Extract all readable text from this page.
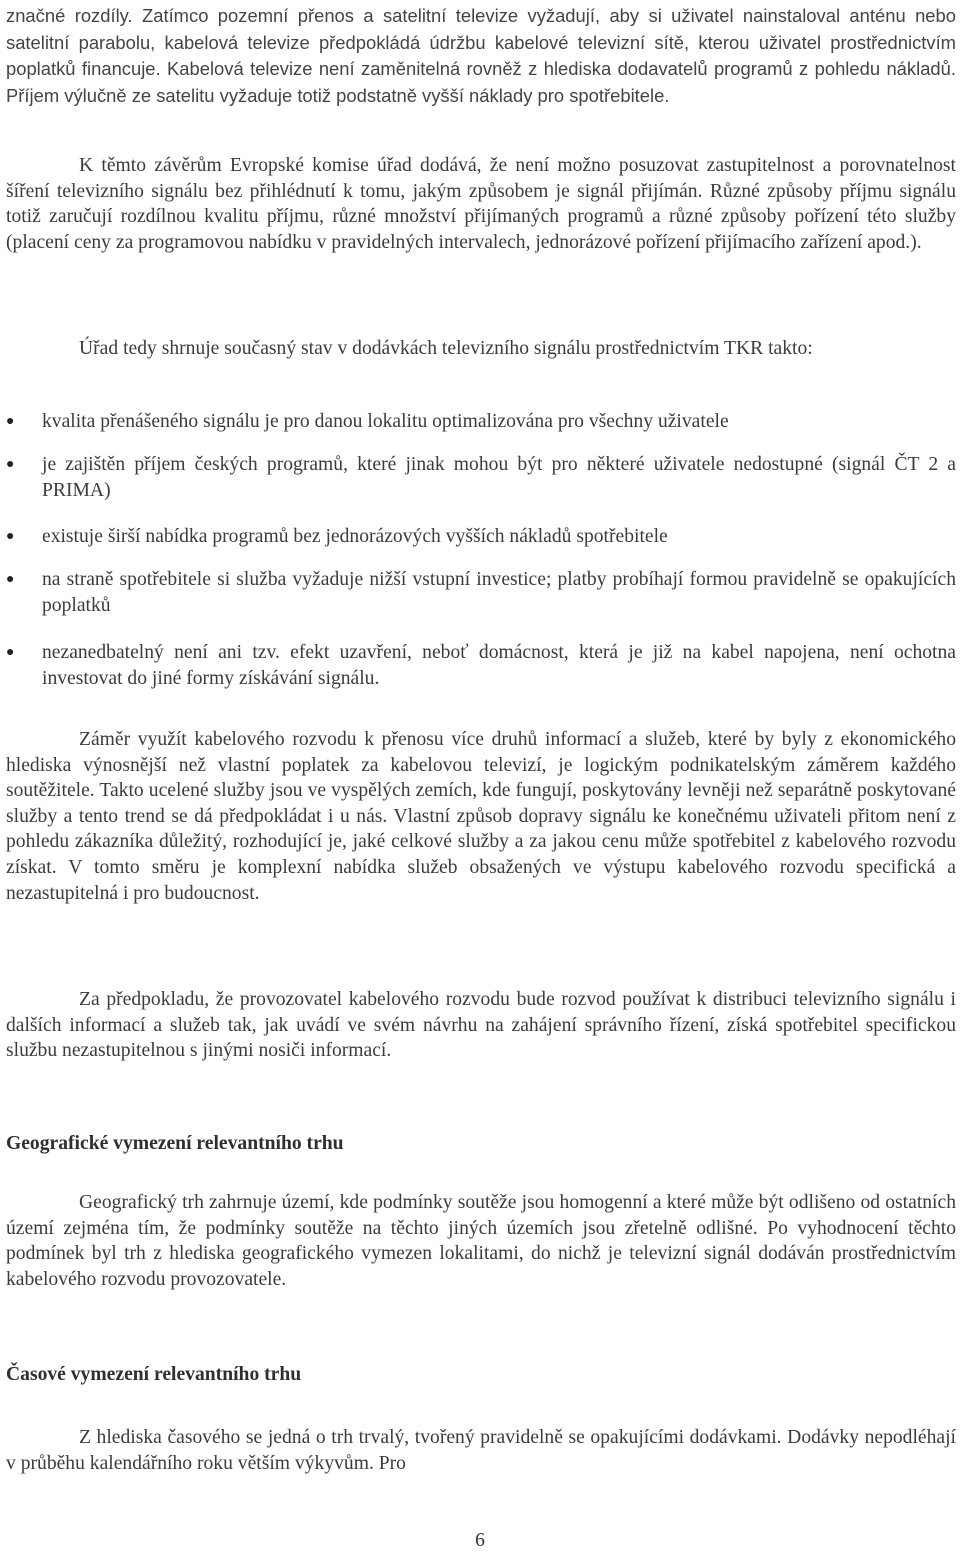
značné rozdíly. Zatímco pozemní přenos a satelitní televize vyžadují, aby si uživatel nainstaloval anténu nebo satelitní parabolu, kabelová televize předpokládá údržbu kabelové televizní sítě, kterou uživatel prostřednictvím poplatků financuje. Kabelová televize není zaměnitelná rovněž z hlediska dodavatelů programů z pohledu nákladů. Příjem výlučně ze satelitu vyžaduje totiž podstatně vyšší náklady pro spotřebitele.

K těmto závěrům Evropské komise úřad dodává, že není možno posuzovat zastupitelnost a porovnatelnost šíření televizního signálu bez přihlédnutí k tomu, jakým způsobem je signál přijímán. Různé způsoby příjmu signálu totiž zaručují rozdílnou kvalitu příjmu, různé množství přijímaných programů a různé způsoby pořízení této služby (placení ceny za programovou nabídku v pravidelných intervalech, jednorázové pořízení přijímacího zařízení apod.).

Úřad tedy shrnuje současný stav v dodávkách televizního signálu prostřednictvím TKR takto:

●	kvalita přenášeného signálu je pro danou lokalitu optimalizována pro všechny uživatele
●	je zajištěn příjem českých programů, které jinak mohou být pro některé uživatele nedostupné (signál ČT 2 a PRIMA)
●	existuje širší nabídka programů bez jednorázových vyšších nákladů spotřebitele
●	na straně spotřebitele si služba vyžaduje nižší vstupní investice; platby probíhají formou pravidelně se opakujících poplatků
●	nezanedbatelný není ani tzv. efekt uzavření, neboť domácnost, která je již na kabel napojena, není ochotna investovat do jiné formy získávání signálu.

Záměr využít kabelového rozvodu k přenosu více druhů informací a služeb, které by byly z ekonomického hlediska výnosnější než vlastní poplatek za kabelovou televizí, je logickým podnikatelským záměrem každého soutěžitele. Takto ucelené služby jsou ve vyspělých zemích, kde fungují, poskytovány levněji než separátně poskytované služby a tento trend se dá předpokládat i u nás. Vlastní způsob dopravy signálu ke konečnému uživateli přitom není z pohledu zákazníka důležitý, rozhodující je, jaké celkové služby a za jakou cenu může spotřebitel z kabelového rozvodu získat. V tomto směru je komplexní nabídka služeb obsažených ve výstupu kabelového rozvodu specifická a nezastupitelná i pro budoucnost.

Za předpokladu, že provozovatel kabelového rozvodu bude rozvod používat k distribuci televizního signálu i dalších informací a služeb tak, jak uvádí ve svém návrhu na zahájení správního řízení, získá spotřebitel specifickou službu nezastupitelnou s jinými nosiči informací.

Geografické vymezení relevantního trhu

Geografický trh zahrnuje území, kde podmínky soutěže jsou homogenní a které může být odlišeno od ostatních území zejména tím, že podmínky soutěže na těchto jiných územích jsou zřetelně odlišné. Po vyhodnocení těchto podmínek byl trh z hlediska geografického vymezen lokalitami, do nichž je televizní signál dodáván prostřednictvím kabelového rozvodu provozovatele.

Časové vymezení relevantního trhu

Z hlediska časového se jedná o trh trvalý, tvořený pravidelně se opakujícími dodávkami. Dodávky nepodléhají v průběhu kalendářního roku větším výkyvům. Pro

6
